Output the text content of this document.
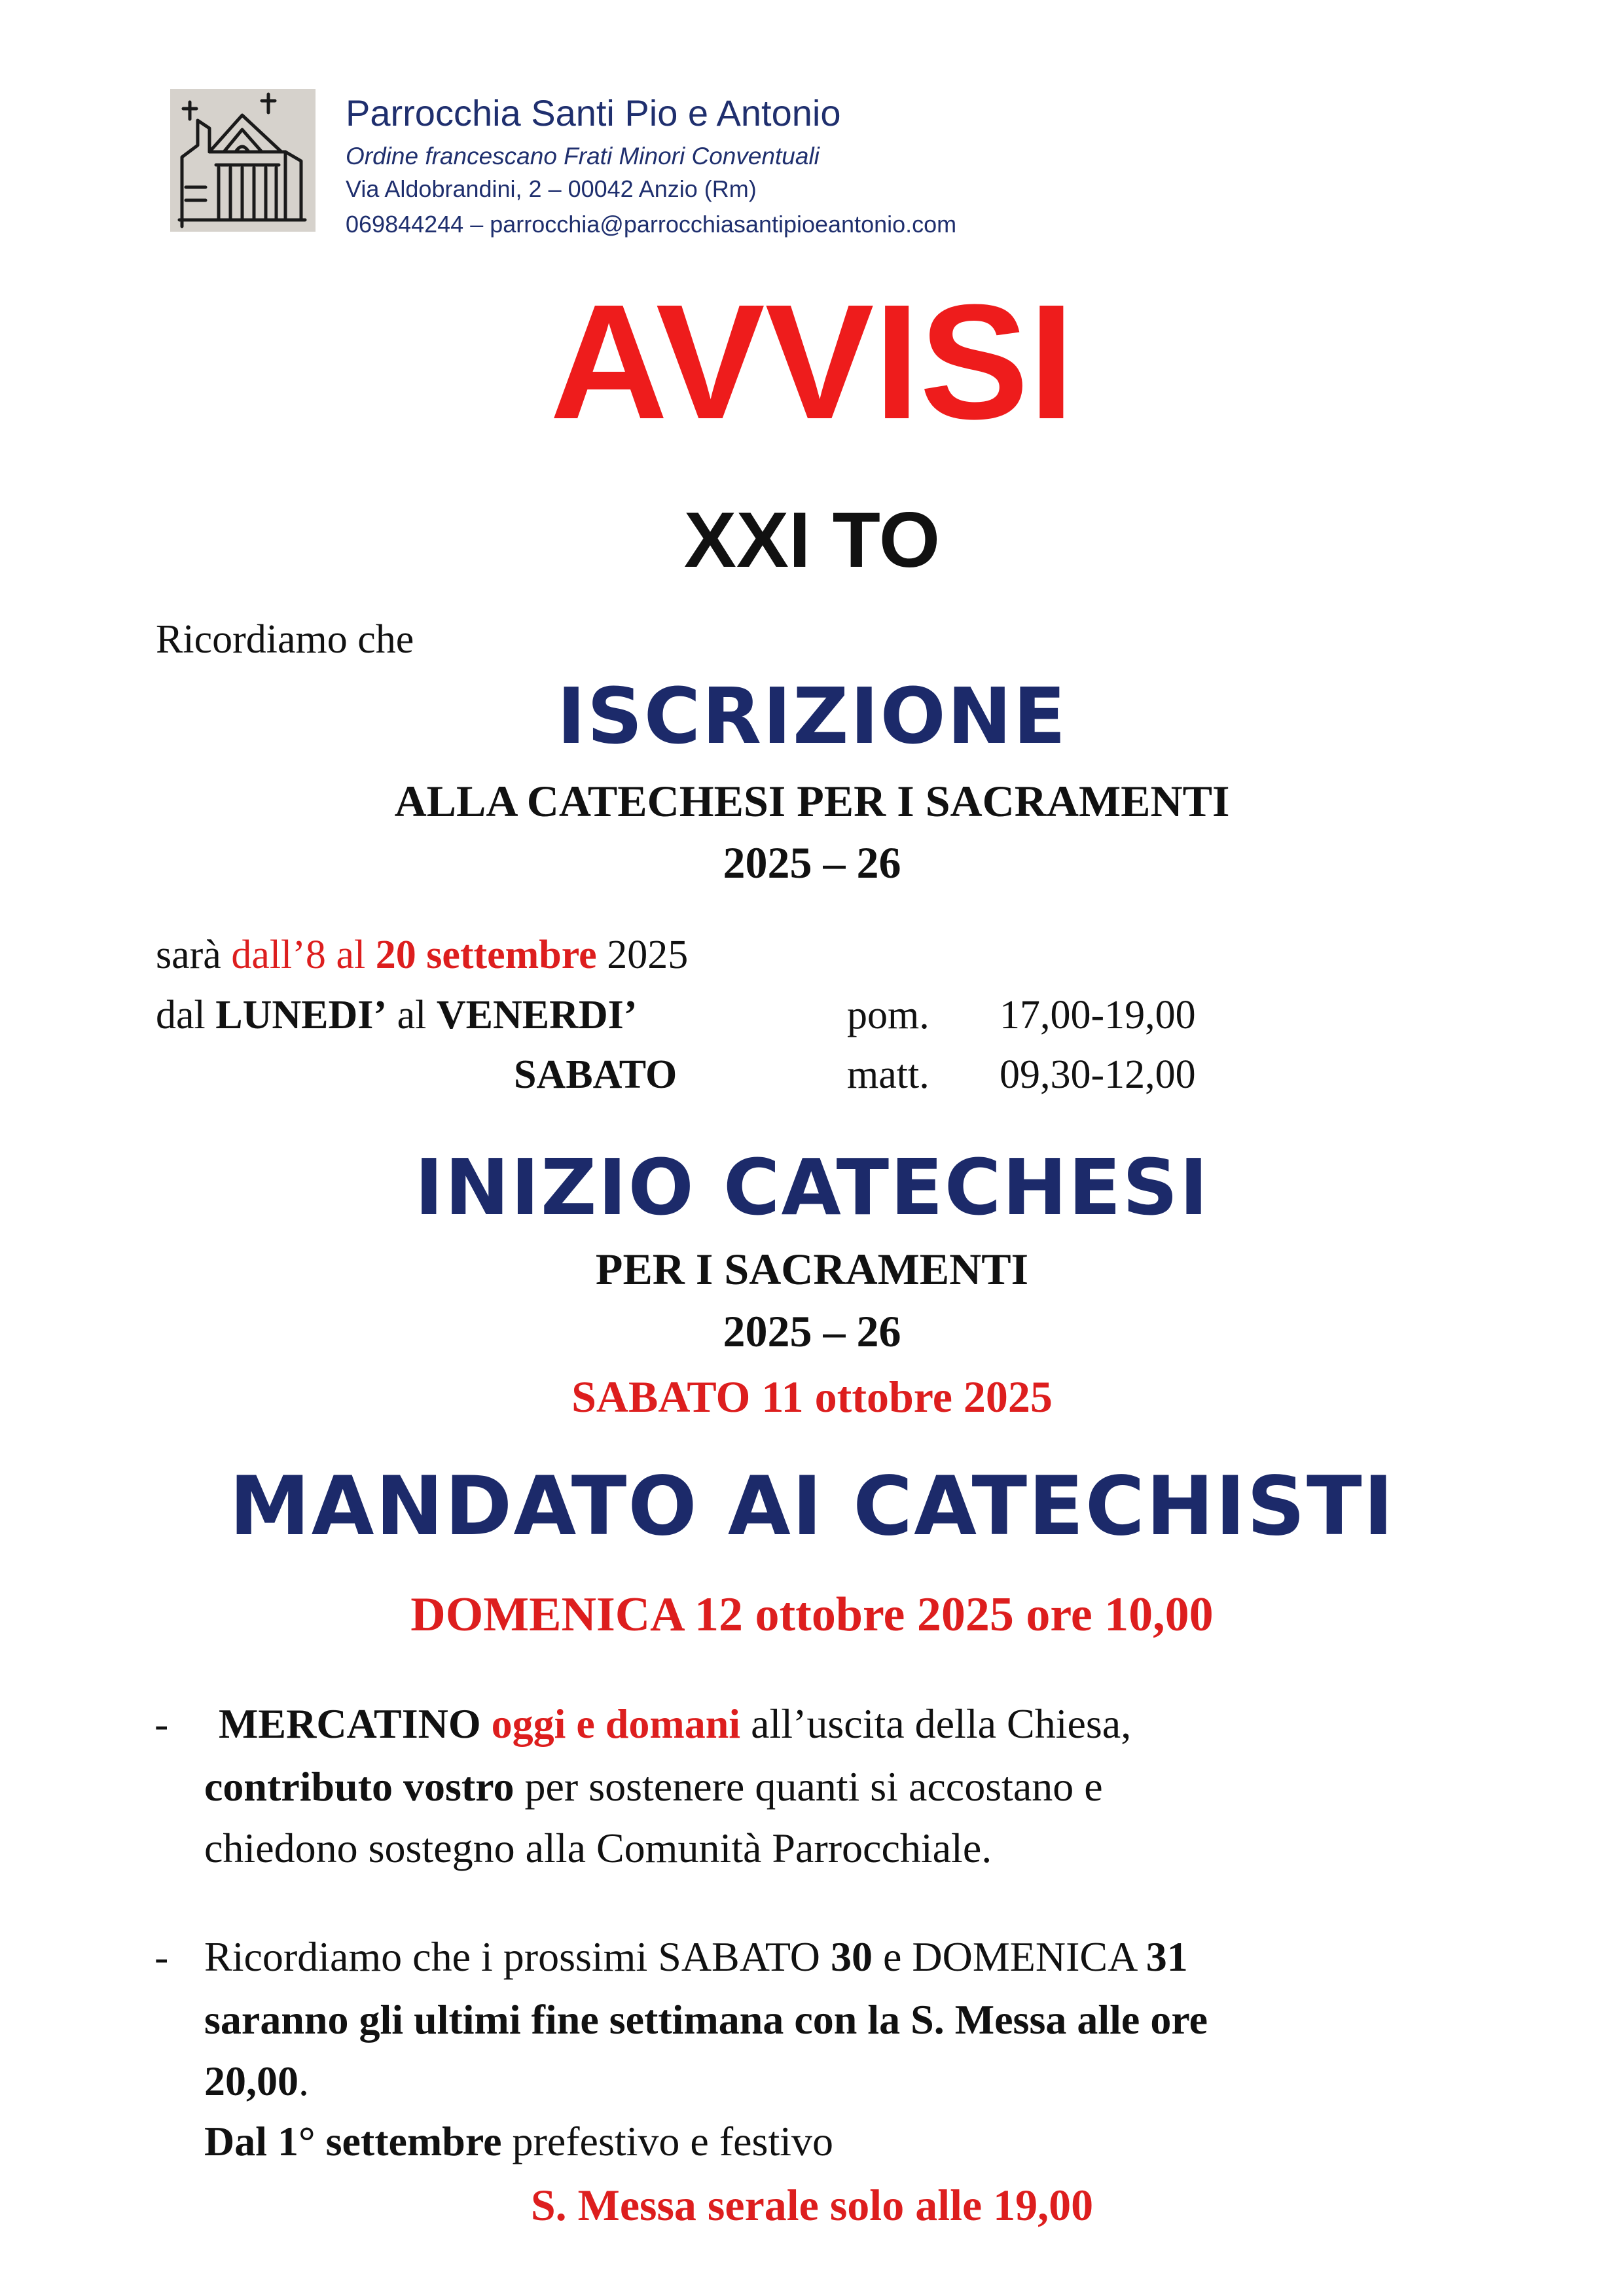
Parrocchia Santi Pio e Antonio
Ordine francescano Frati Minori Conventuali
Via Aldobrandini, 2 – 00042 Anzio (Rm)
069844244 – parrocchia@parrocchiasantipioeantonio.com
AVVISI
XXI TO
Ricordiamo che
ISCRIZIONE
ALLA CATECHESI PER I SACRAMENTI
2025 – 26
sarà dall’8 al 20 settembre 2025
dal LUNEDI’ al VENERDI’	pom. 17,00-19,00
SABATO	matt. 09,30-12,00
INIZIO CATECHESI
PER I SACRAMENTI
2025 – 26
SABATO 11 ottobre 2025
MANDATO AI CATECHISTI
DOMENICA 12 ottobre 2025 ore 10,00
- MERCATINO oggi e domani all’uscita della Chiesa,
contributo vostro per sostenere quanti si accostano e
chiedono sostegno alla Comunità Parrocchiale.
- Ricordiamo che i prossimi SABATO 30 e DOMENICA 31
saranno gli ultimi fine settimana con la S. Messa alle ore
20,00.
Dal 1° settembre prefestivo e festivo
S. Messa serale solo alle 19,00
